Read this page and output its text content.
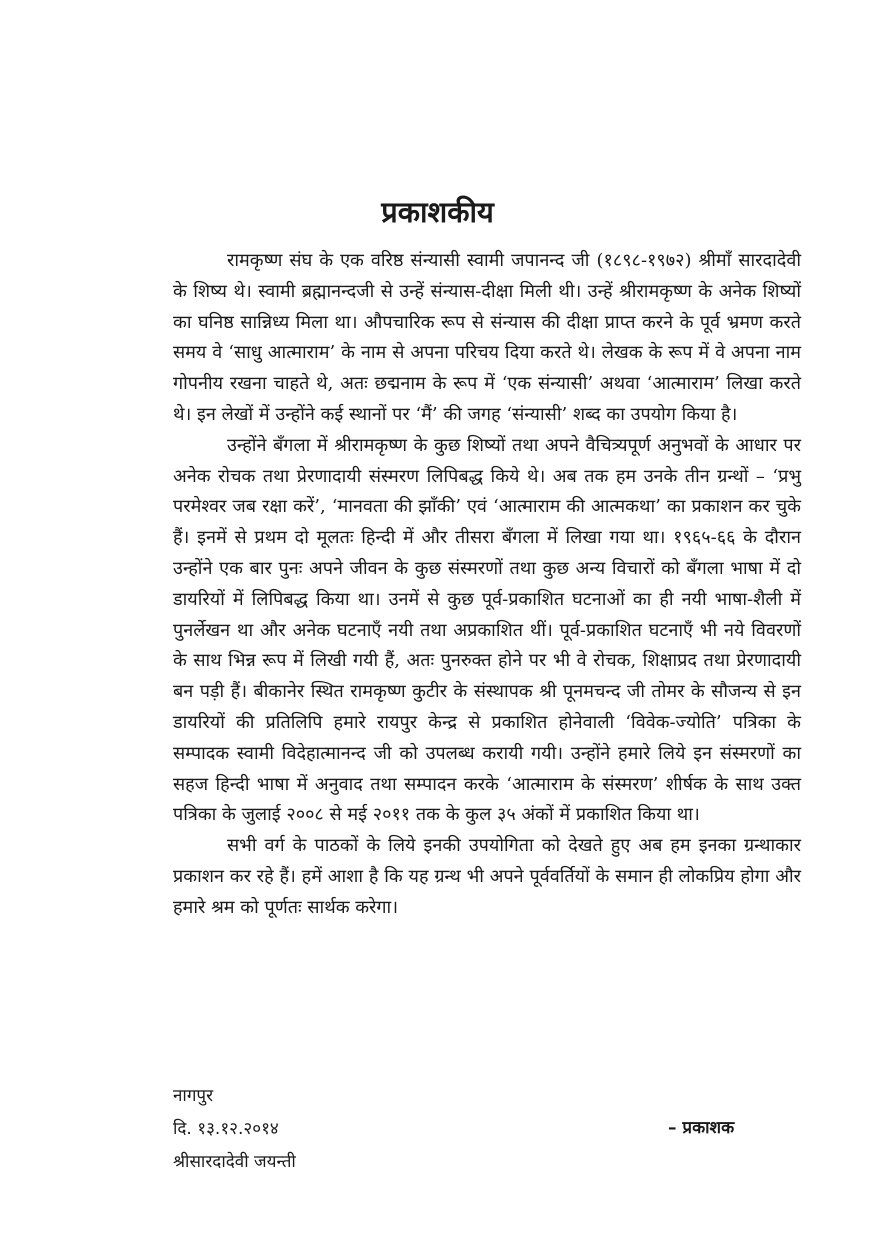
प्रकाशकीय

रामकृष्ण संघ के एक वरिष्ठ संन्यासी स्वामी जपानन्द जी (१८९८-१९७२) श्रीमाँ सारदादेवी के शिष्य थे। स्वामी ब्रह्मानन्दजी से उन्हें संन्यास-दीक्षा मिली थी। उन्हें श्रीरामकृष्ण के अनेक शिष्यों का घनिष्ठ सान्निध्य मिला था। औपचारिक रूप से संन्यास की दीक्षा प्राप्त करने के पूर्व भ्रमण करते समय वे ‘साधु आत्माराम’ के नाम से अपना परिचय दिया करते थे। लेखक के रूप में वे अपना नाम गोपनीय रखना चाहते थे, अतः छद्मनाम के रूप में ‘एक संन्यासी’ अथवा ‘आत्माराम’ लिखा करते थे। इन लेखों में उन्होंने कई स्थानों पर ‘मैं’ की जगह ‘संन्यासी’ शब्द का उपयोग किया है।

उन्होंने बँगला में श्रीरामकृष्ण के कुछ शिष्यों तथा अपने वैचित्र्यपूर्ण अनुभवों के आधार पर अनेक रोचक तथा प्रेरणादायी संस्मरण लिपिबद्ध किये थे। अब तक हम उनके तीन ग्रन्थों – ‘प्रभु परमेश्वर जब रक्षा करें’, ‘मानवता की झाँकी’ एवं ‘आत्माराम की आत्मकथा’ का प्रकाशन कर चुके हैं। इनमें से प्रथम दो मूलतः हिन्दी में और तीसरा बँगला में लिखा गया था। १९६५-६६ के दौरान उन्होंने एक बार पुनः अपने जीवन के कुछ संस्मरणों तथा कुछ अन्य विचारों को बँगला भाषा में दो डायरियों में लिपिबद्ध किया था। उनमें से कुछ पूर्व-प्रकाशित घटनाओं का ही नयी भाषा-शैली में पुनर्लेखन था और अनेक घटनाएँ नयी तथा अप्रकाशित थीं। पूर्व-प्रकाशित घटनाएँ भी नये विवरणों के साथ भिन्न रूप में लिखी गयी हैं, अतः पुनरुक्त होने पर भी वे रोचक, शिक्षाप्रद तथा प्रेरणादायी बन पड़ी हैं। बीकानेर स्थित रामकृष्ण कुटीर के संस्थापक श्री पूनमचन्द जी तोमर के सौजन्य से इन डायरियों की प्रतिलिपि हमारे रायपुर केन्द्र से प्रकाशित होनेवाली ‘विवेक-ज्योति’ पत्रिका के सम्पादक स्वामी विदेहात्मानन्द जी को उपलब्ध करायी गयी। उन्होंने हमारे लिये इन संस्मरणों का सहज हिन्दी भाषा में अनुवाद तथा सम्पादन करके ‘आत्माराम के संस्मरण’ शीर्षक के साथ उक्त पत्रिका के जुलाई २००८ से मई २०११ तक के कुल ३५ अंकों में प्रकाशित किया था।

सभी वर्ग के पाठकों के लिये इनकी उपयोगिता को देखते हुए अब हम इनका ग्रन्थाकार प्रकाशन कर रहे हैं। हमें आशा है कि यह ग्रन्थ भी अपने पूर्ववर्तियों के समान ही लोकप्रिय होगा और हमारे श्रम को पूर्णतः सार्थक करेगा।

नागपुर
दि. १३.१२.२०१४
श्रीसारदादेवी जयन्ती
– प्रकाशक
